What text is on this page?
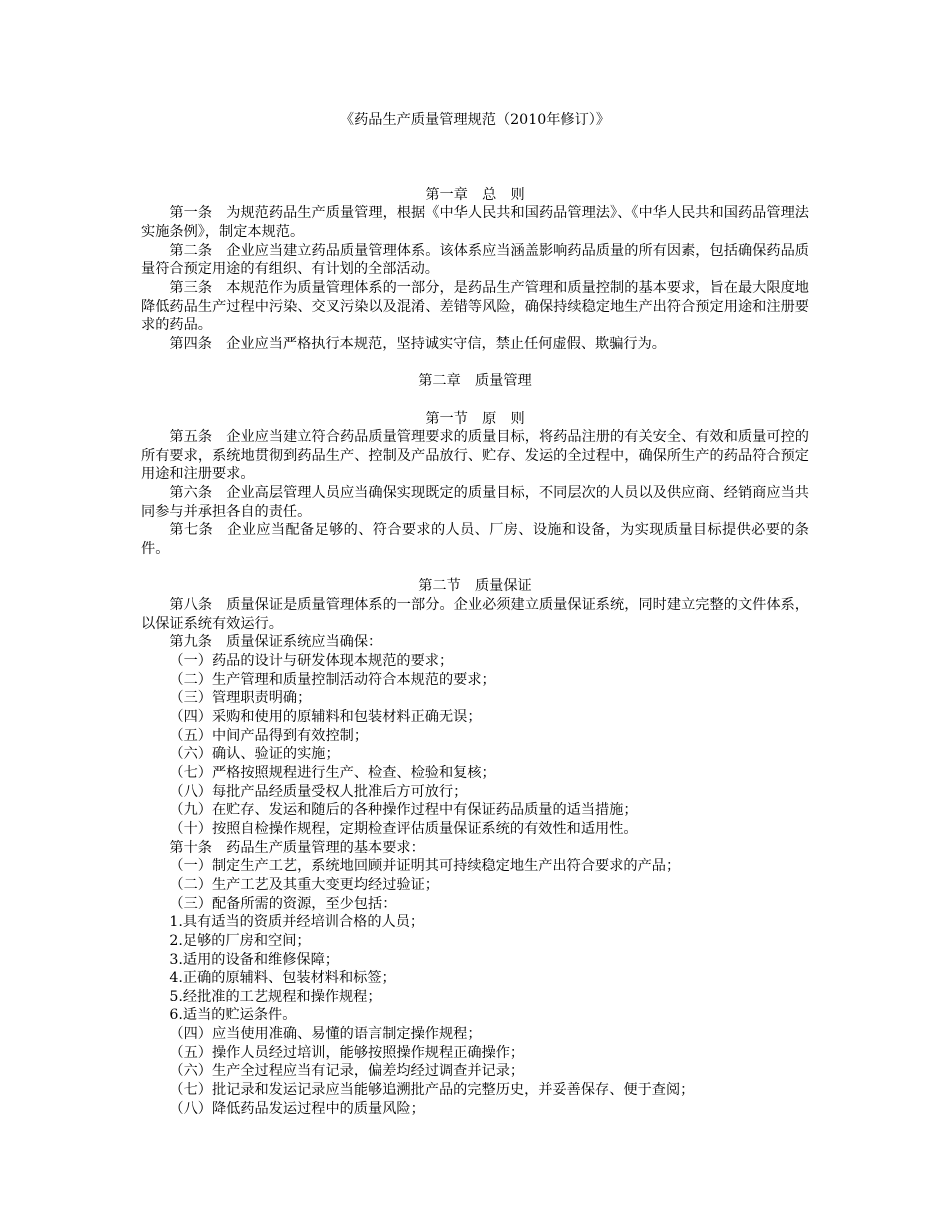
《药品生产质量管理规范（2010年修订）》

第一章　总　则

第一条 为规范药品生产质量管理，根据《中华人民共和国药品管理法》、《中华人民共和国药品管理法实施条例》，制定本规范。

第二条 企业应当建立药品质量管理体系。该体系应当涵盖影响药品质量的所有因素，包括确保药品质量符合预定用途的有组织、有计划的全部活动。

第三条 本规范作为质量管理体系的一部分，是药品生产管理和质量控制的基本要求，旨在最大限度地降低药品生产过程中污染、交叉污染以及混淆、差错等风险，确保持续稳定地生产出符合预定用途和注册要求的药品。

第四条 企业应当严格执行本规范，坚持诚实守信，禁止任何虚假、欺骗行为。

第二章　质量管理

第一节　原　则

第五条 企业应当建立符合药品质量管理要求的质量目标，将药品注册的有关安全、有效和质量可控的所有要求，系统地贯彻到药品生产、控制及产品放行、贮存、发运的全过程中，确保所生产的药品符合预定用途和注册要求。

第六条 企业高层管理人员应当确保实现既定的质量目标，不同层次的人员以及供应商、经销商应当共同参与并承担各自的责任。

第七条 企业应当配备足够的、符合要求的人员、厂房、设施和设备，为实现质量目标提供必要的条件。

第二节　质量保证

第八条 质量保证是质量管理体系的一部分。企业必须建立质量保证系统，同时建立完整的文件体系，以保证系统有效运行。

第九条 质量保证系统应当确保：

（一）药品的设计与研发体现本规范的要求；

（二）生产管理和质量控制活动符合本规范的要求；

（三）管理职责明确；

（四）采购和使用的原辅料和包装材料正确无误；

（五）中间产品得到有效控制；

（六）确认、验证的实施；

（七）严格按照规程进行生产、检查、检验和复核；

（八）每批产品经质量受权人批准后方可放行；

（九）在贮存、发运和随后的各种操作过程中有保证药品质量的适当措施；

（十）按照自检操作规程，定期检查评估质量保证系统的有效性和适用性。

第十条 药品生产质量管理的基本要求：

（一）制定生产工艺，系统地回顾并证明其可持续稳定地生产出符合要求的产品；

（二）生产工艺及其重大变更均经过验证；

（三）配备所需的资源，至少包括：

1.具有适当的资质并经培训合格的人员；

2.足够的厂房和空间；

3.适用的设备和维修保障；

4.正确的原辅料、包装材料和标签；

5.经批准的工艺规程和操作规程；

6.适当的贮运条件。

（四）应当使用准确、易懂的语言制定操作规程；

（五）操作人员经过培训，能够按照操作规程正确操作；

（六）生产全过程应当有记录，偏差均经过调查并记录；

（七）批记录和发运记录应当能够追溯批产品的完整历史，并妥善保存、便于查阅；

（八）降低药品发运过程中的质量风险；
